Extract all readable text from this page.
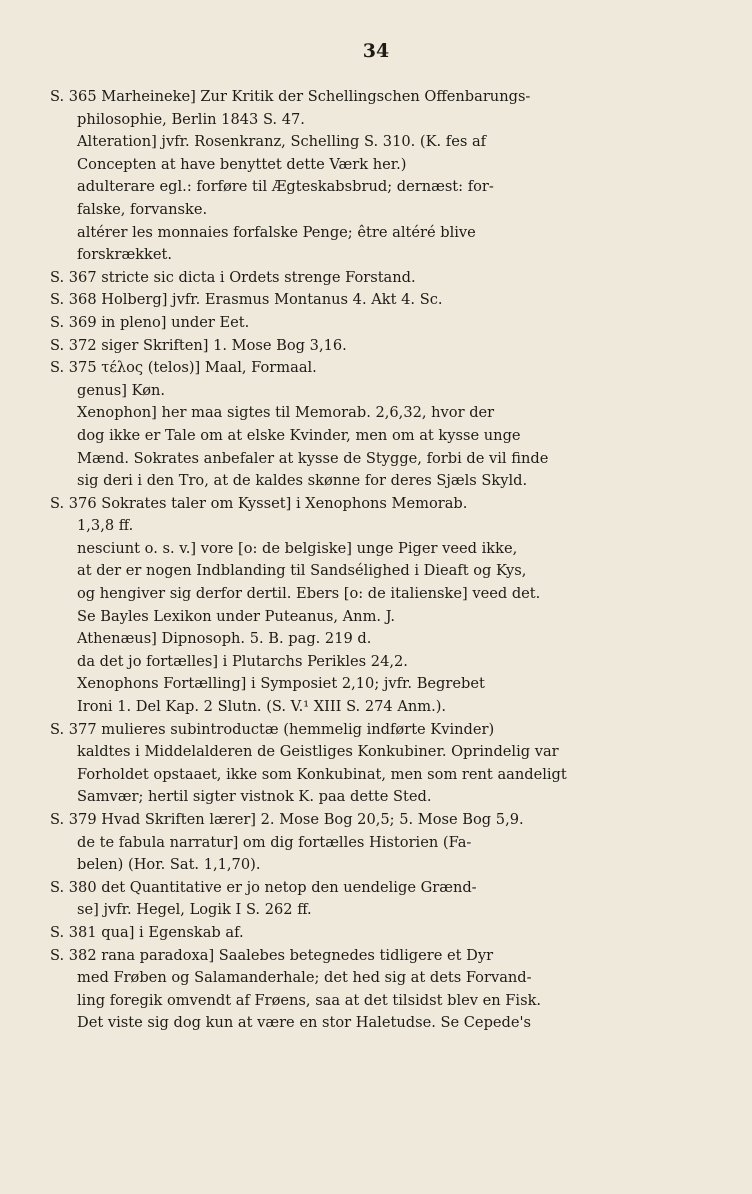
34
S. 365 Marheineke] Zur Kritik der Schellingschen Offenbarungs-
philosophie, Berlin 1843 S. 47.
Alteration] jvfr. Rosenkranz, Schelling S. 310. (K. fes af
Concepten at have benyttet dette Værk her.)
adulterare egl.: forføre til Ægteskabsbrud; dernæst: for-
falske, forvanske.
altérer les monnaies forfalske Penge; être altéré blive
forskrækket.
S. 367 stricte sic dicta i Ordets strenge Forstand.
S. 368 Holberg] jvfr. Erasmus Montanus 4. Akt 4. Sc.
S. 369 in pleno] under Eet.
S. 372 siger Skriften] 1. Mose Bog 3,16.
S. 375 τέλος (telos)] Maal, Formaal.
genus] Køn.
Xenophon] her maa sigtes til Memorab. 2,6,32, hvor der
dog ikke er Tale om at elske Kvinder, men om at kysse unge
Mænd. Sokrates anbefaler at kysse de Styggе, forbi de vil finde
sig deri i den Tro, at de kaldes skønne for deres Sjæls Skyld.
S. 376 Sokrates taler om Kysset] i Xenophons Memorab.
1,3,8 ff.
nesciunt o. s. v.] vore [o: de belgiske] unge Piger veed ikke,
at der er nogen Indblanding til Sandsélighed i Dieaft og Kys,
og hengiver sig derfor dertil. Ebers [o: de italienske] veed det.
Se Bayles Lexikon under Puteanus, Anm. J.
Athenæus] Dipnosoph. 5. B. pag. 219 d.
da det jo fortælles] i Plutarchs Perikles 24,2.
Xenophons Fortælling] i Symposiet 2,10; jvfr. Begrebet
Ironi 1. Del Kap. 2 Slutn. (S. V.¹ XIII S. 274 Anm.).
S. 377 mulieres subintroductæ (hemmelig indførte Kvinder)
kaldtes i Middelalderen de Geistliges Konkubiner. Oprindelig var
Forholdet opstaaet, ikke som Konkubinat, men som rent aandeligt
Samvær; hertil sigter vistnok K. paa dette Sted.
S. 379 Hvad Skriften lærer] 2. Mose Bog 20,5; 5. Mose Bog 5,9.
de te fabula narratur] om dig fortælles Historien (Fa-
belen) (Hor. Sat. 1,1,70).
S. 380 det Quantitative er jo netop den uendelige Grænd-
se] jvfr. Hegel, Logik I S. 262 ff.
S. 381 qua] i Egenskab af.
S. 382 rana paradoxa] Saalebes betegnedes tidligere et Dyr
med Frøben og Salamanderhale; det hed sig at dets Forvand-
ling foregik omvendt af Frøens, saa at det tilsidst blev en Fisk.
Det viste sig dog kun at være en stor Haletudse. Se Cepede's
